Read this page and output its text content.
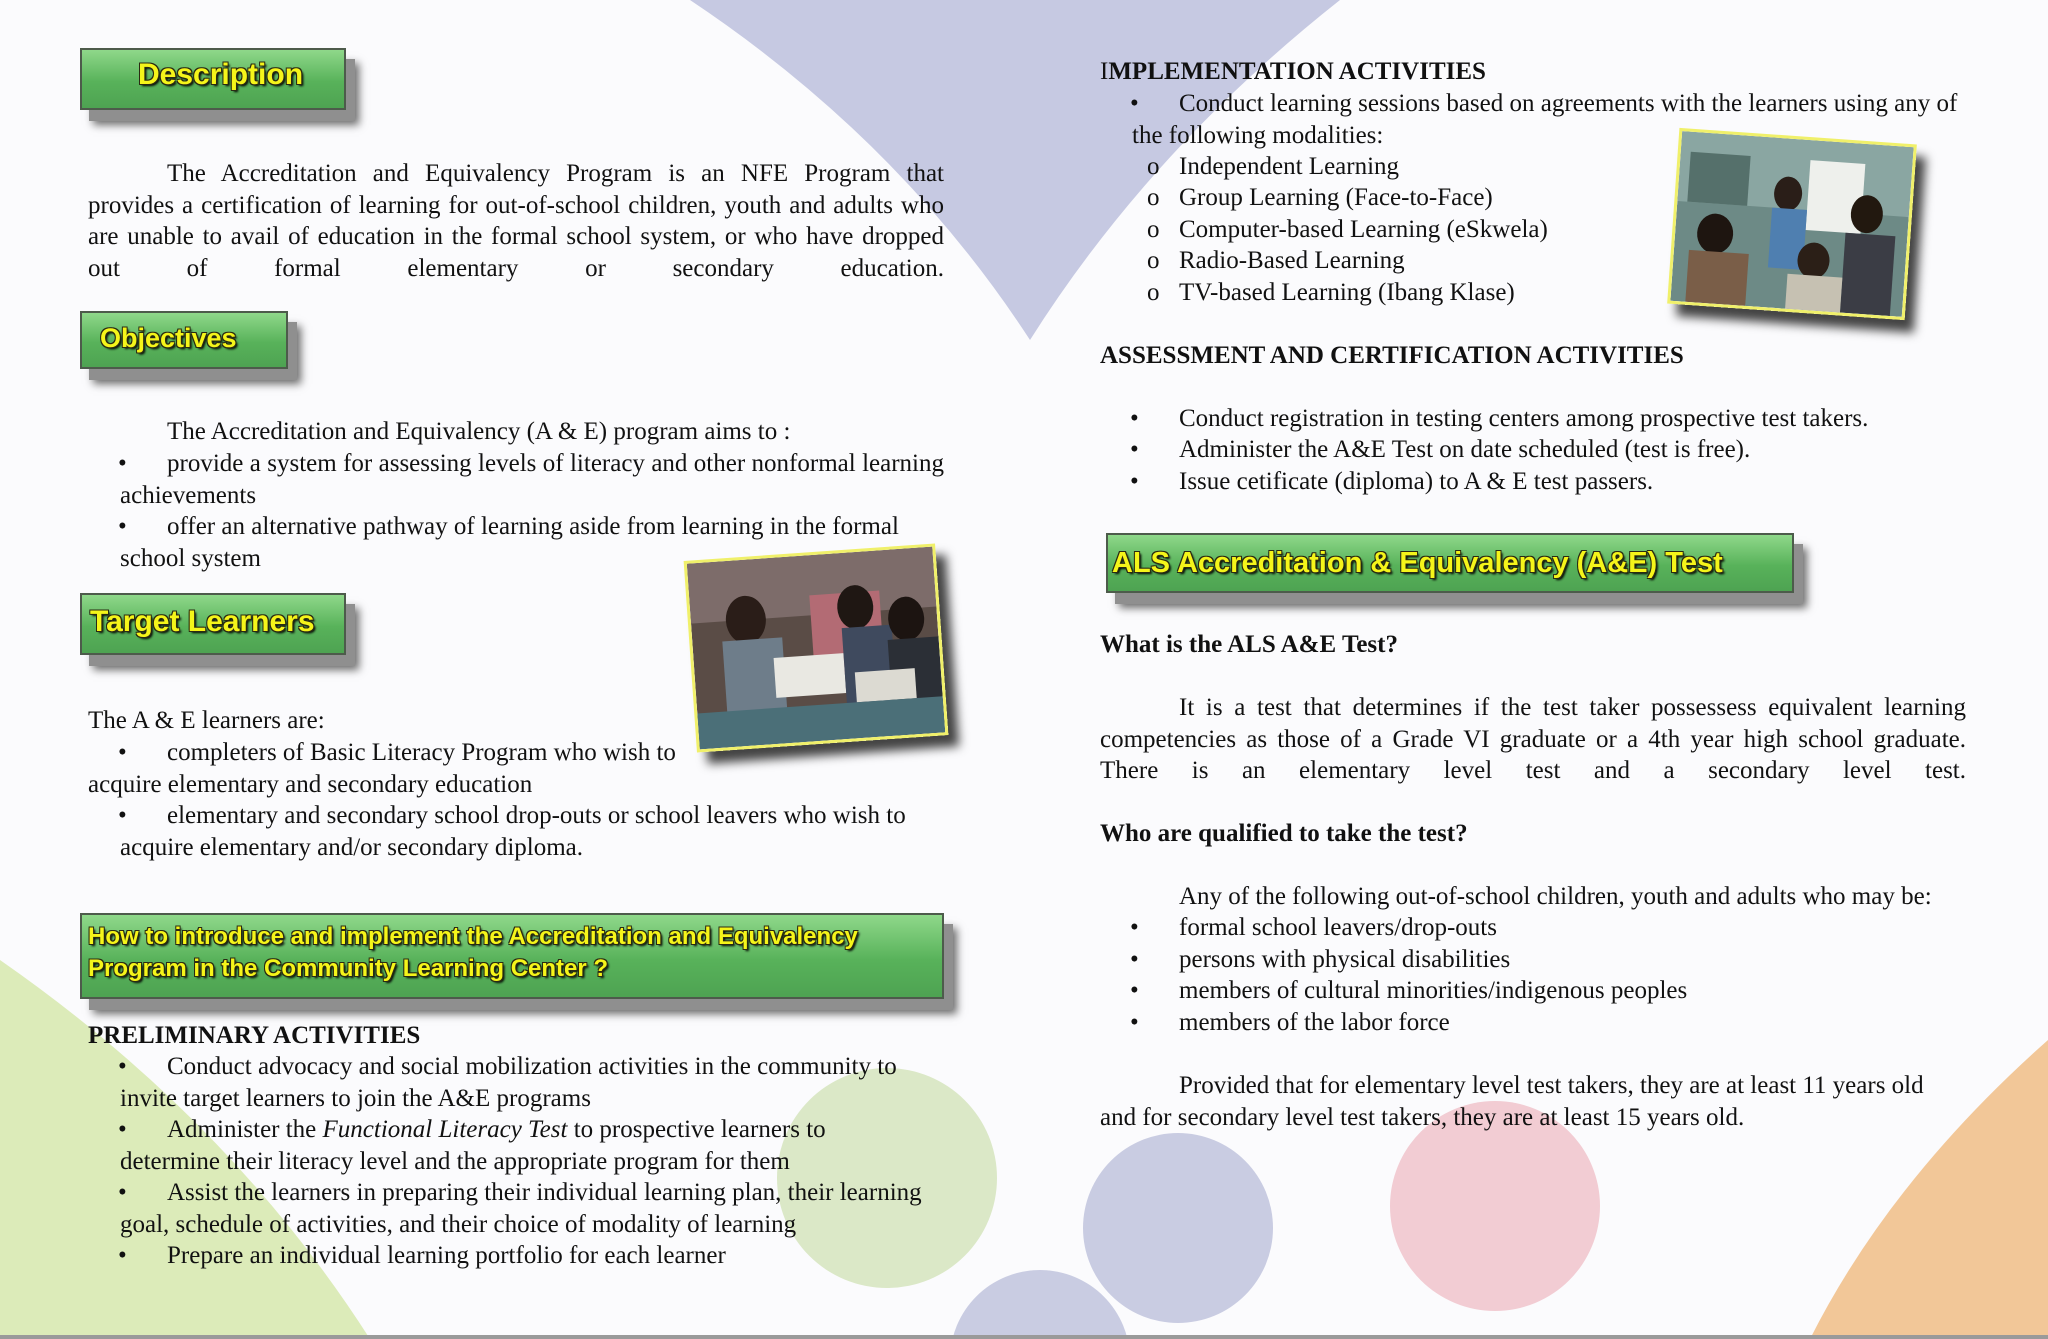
Description

The Accreditation and Equivalency Program is an NFE Program that provides a certification of learning for out-of-school children, youth and adults who are unable to avail of education in the formal school system, or who have dropped out of formal elementary or secondary education.

Objectives

The Accreditation and Equivalency (A & E) program aims to :

•	provide a system for assessing levels of literacy and other nonformal learning achievements

•	offer an alternative pathway of learning aside from learning in the formal school system

Target Learners

The A & E learners are:

•	completers of Basic Literacy Program who wish to acquire elementary and secondary education

•	elementary and secondary school drop-outs or school leavers who wish to acquire elementary and/or secondary diploma.

How to introduce and implement the Accreditation and Equivalency
Program in the Community Learning Center ?

PRELIMINARY ACTIVITIES

•	Conduct advocacy and social mobilization activities in the community to invite target learners to join the A&E programs

•	Administer the Functional Literacy Test to prospective learners to determine their literacy level and the appropriate program for them

•	Assist the learners in preparing their individual learning plan, their learning goal, schedule of activities, and their choice of modality of learning

• Prepare an individual learning portfolio for each learner

IMPLEMENTATION ACTIVITIES

•	Conduct learning sessions based on agreements with the learners using any of the following modalities:

o Independent Learning

o Group Learning (Face-to-Face)

o Computer-based Learning (eSkwela)

o Radio-Based Learning

o TV-based Learning (Ibang Klase)

ASSESSMENT AND CERTIFICATION ACTIVITIES

• Conduct registration in testing centers among prospective test takers.

• Administer the A&E Test on date scheduled (test is free).

• Issue cetificate (diploma) to A & E test passers.

ALS Accreditation & Equivalency (A&E) Test

What is the ALS A&E Test?

It is a test that determines if the test taker possessess equivalent learning competencies as those of a Grade VI graduate or a 4th year high school graduate. There is an elementary level test and a secondary level test.

Who are qualified to take the test?

Any of the following out-of-school children, youth and adults who may be:

• formal school leavers/drop-outs

• persons with physical disabilities

• members of cultural minorities/indigenous peoples

• members of the labor force

Provided that for elementary level test takers, they are at least 11 years old and for secondary level test takers, they are at least 15 years old.
